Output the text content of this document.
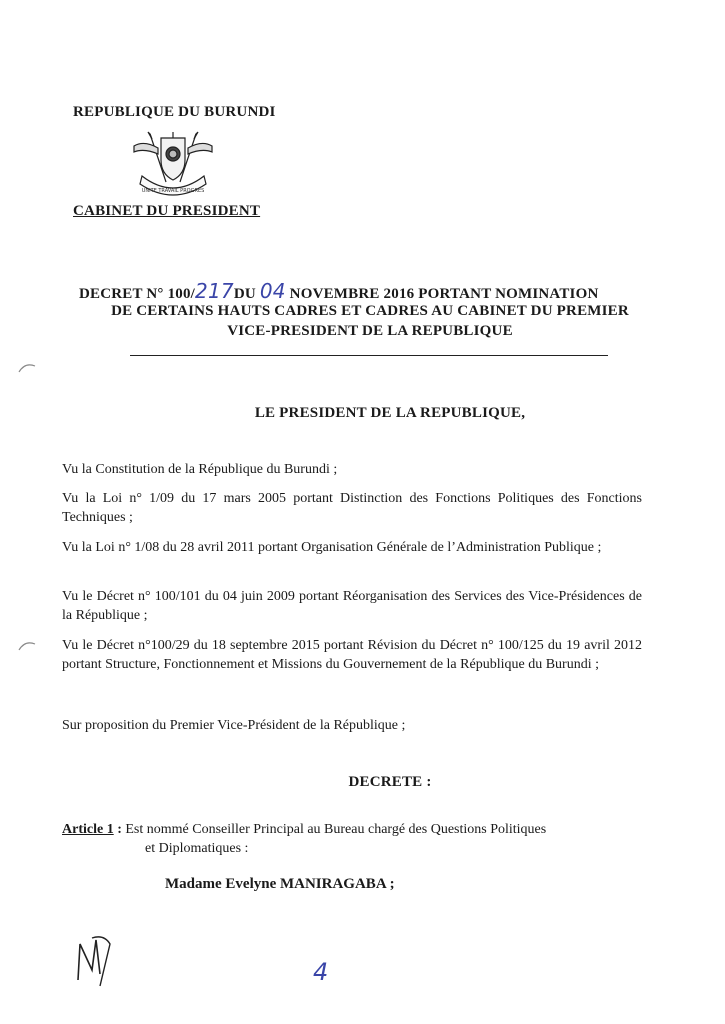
REPUBLIQUE DU BURUNDI
UNITE TRAVAIL PROGRES
CABINET DU PRESIDENT
DECRET N° 100/217DU 04 NOVEMBRE 2016 PORTANT NOMINATION
DE CERTAINS HAUTS CADRES ET CADRES AU CABINET DU PREMIER
VICE-PRESIDENT DE LA REPUBLIQUE
LE PRESIDENT DE LA REPUBLIQUE,
Vu la Constitution de la République du Burundi ;
Vu la Loi n° 1/09 du 17 mars 2005 portant Distinction des Fonctions Politiques des Fonctions Techniques ;
Vu la Loi n° 1/08 du 28 avril 2011 portant Organisation Générale de l’Administration Publique ;
Vu le Décret n° 100/101 du 04 juin 2009 portant Réorganisation des Services des Vice-Présidences de la République ;
Vu le Décret n°100/29 du 18 septembre 2015 portant Révision du Décret n° 100/125 du 19 avril 2012 portant Structure, Fonctionnement et Missions du Gouvernement de la République du Burundi ;
Sur proposition du Premier Vice-Président de la République ;
DECRETE :
Article 1 : Est nommé Conseiller Principal au Bureau chargé des Questions Politiques
et Diplomatiques :
Madame Evelyne MANIRAGABA ;
4
